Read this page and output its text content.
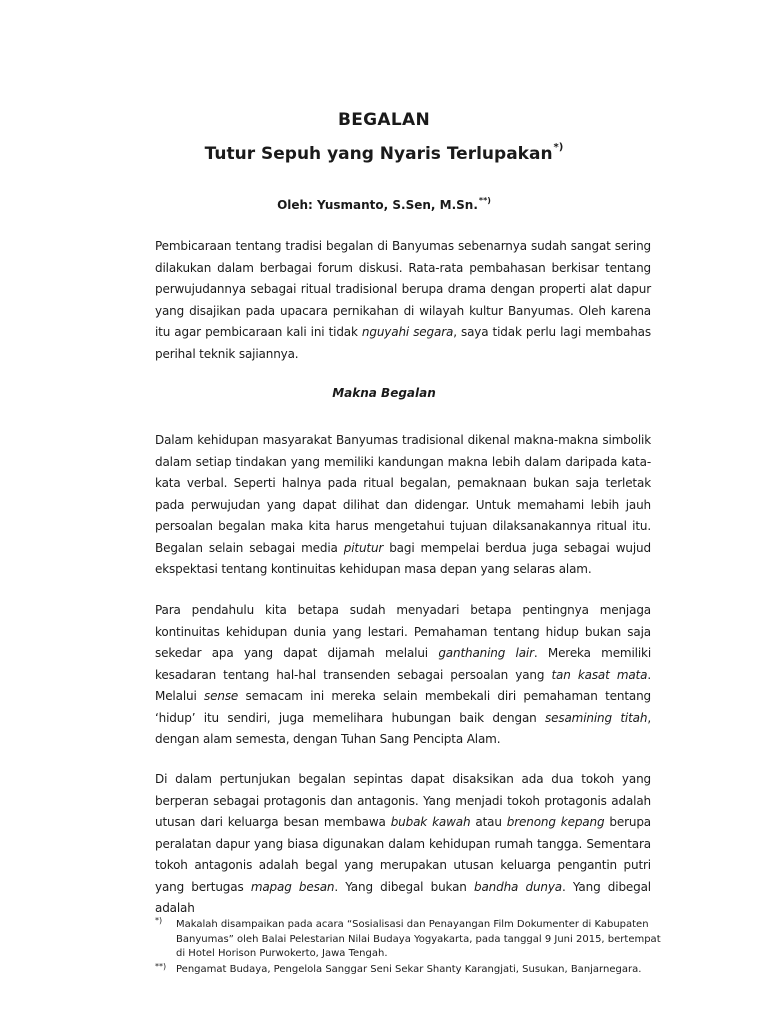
BEGALAN
Tutur Sepuh yang Nyaris Terlupakan*)
Oleh: Yusmanto, S.Sen, M.Sn.**)
Pembicaraan tentang tradisi begalan di Banyumas sebenarnya sudah sangat sering dilakukan dalam berbagai forum diskusi. Rata-rata pembahasan berkisar tentang perwujudannya sebagai ritual tradisional berupa drama dengan properti alat dapur yang disajikan pada upacara pernikahan di wilayah kultur Banyumas. Oleh karena itu agar pembicaraan kali ini tidak nguyahi segara, saya tidak perlu lagi membahas perihal teknik sajiannya.
Makna Begalan
Dalam kehidupan masyarakat Banyumas tradisional dikenal makna-makna simbolik dalam setiap tindakan yang memiliki kandungan makna lebih dalam daripada kata-kata verbal. Seperti halnya pada ritual begalan, pemaknaan bukan saja terletak pada perwujudan yang dapat dilihat dan didengar. Untuk memahami lebih jauh persoalan begalan maka kita harus mengetahui tujuan dilaksanakannya ritual itu. Begalan selain sebagai media pitutur bagi mempelai berdua juga sebagai wujud ekspektasi tentang kontinuitas kehidupan masa depan yang selaras alam.
Para pendahulu kita betapa sudah menyadari betapa pentingnya menjaga kontinuitas kehidupan dunia yang lestari. Pemahaman tentang hidup bukan saja sekedar apa yang dapat dijamah melalui ganthaning lair. Mereka memiliki kesadaran tentang hal-hal transenden sebagai persoalan yang tan kasat mata. Melalui sense semacam ini mereka selain membekali diri pemahaman tentang ‘hidup’ itu sendiri, juga memelihara hubungan baik dengan sesamining titah, dengan alam semesta, dengan Tuhan Sang Pencipta Alam.
Di dalam pertunjukan begalan sepintas dapat disaksikan ada dua tokoh yang berperan sebagai protagonis dan antagonis. Yang menjadi tokoh protagonis adalah utusan dari keluarga besan membawa bubak kawah atau brenong kepang berupa peralatan dapur yang biasa digunakan dalam kehidupan rumah tangga. Sementara tokoh antagonis adalah begal yang merupakan utusan keluarga pengantin putri yang bertugas mapag besan. Yang dibegal bukan bandha dunya. Yang dibegal adalah
*) Makalah disampaikan pada acara “Sosialisasi dan Penayangan Film Dokumenter di Kabupaten Banyumas” oleh Balai Pelestarian Nilai Budaya Yogyakarta, pada tanggal 9 Juni 2015, bertempat di Hotel Horison Purwokerto, Jawa Tengah.
**) Pengamat Budaya, Pengelola Sanggar Seni Sekar Shanty Karangjati, Susukan, Banjarnegara.
